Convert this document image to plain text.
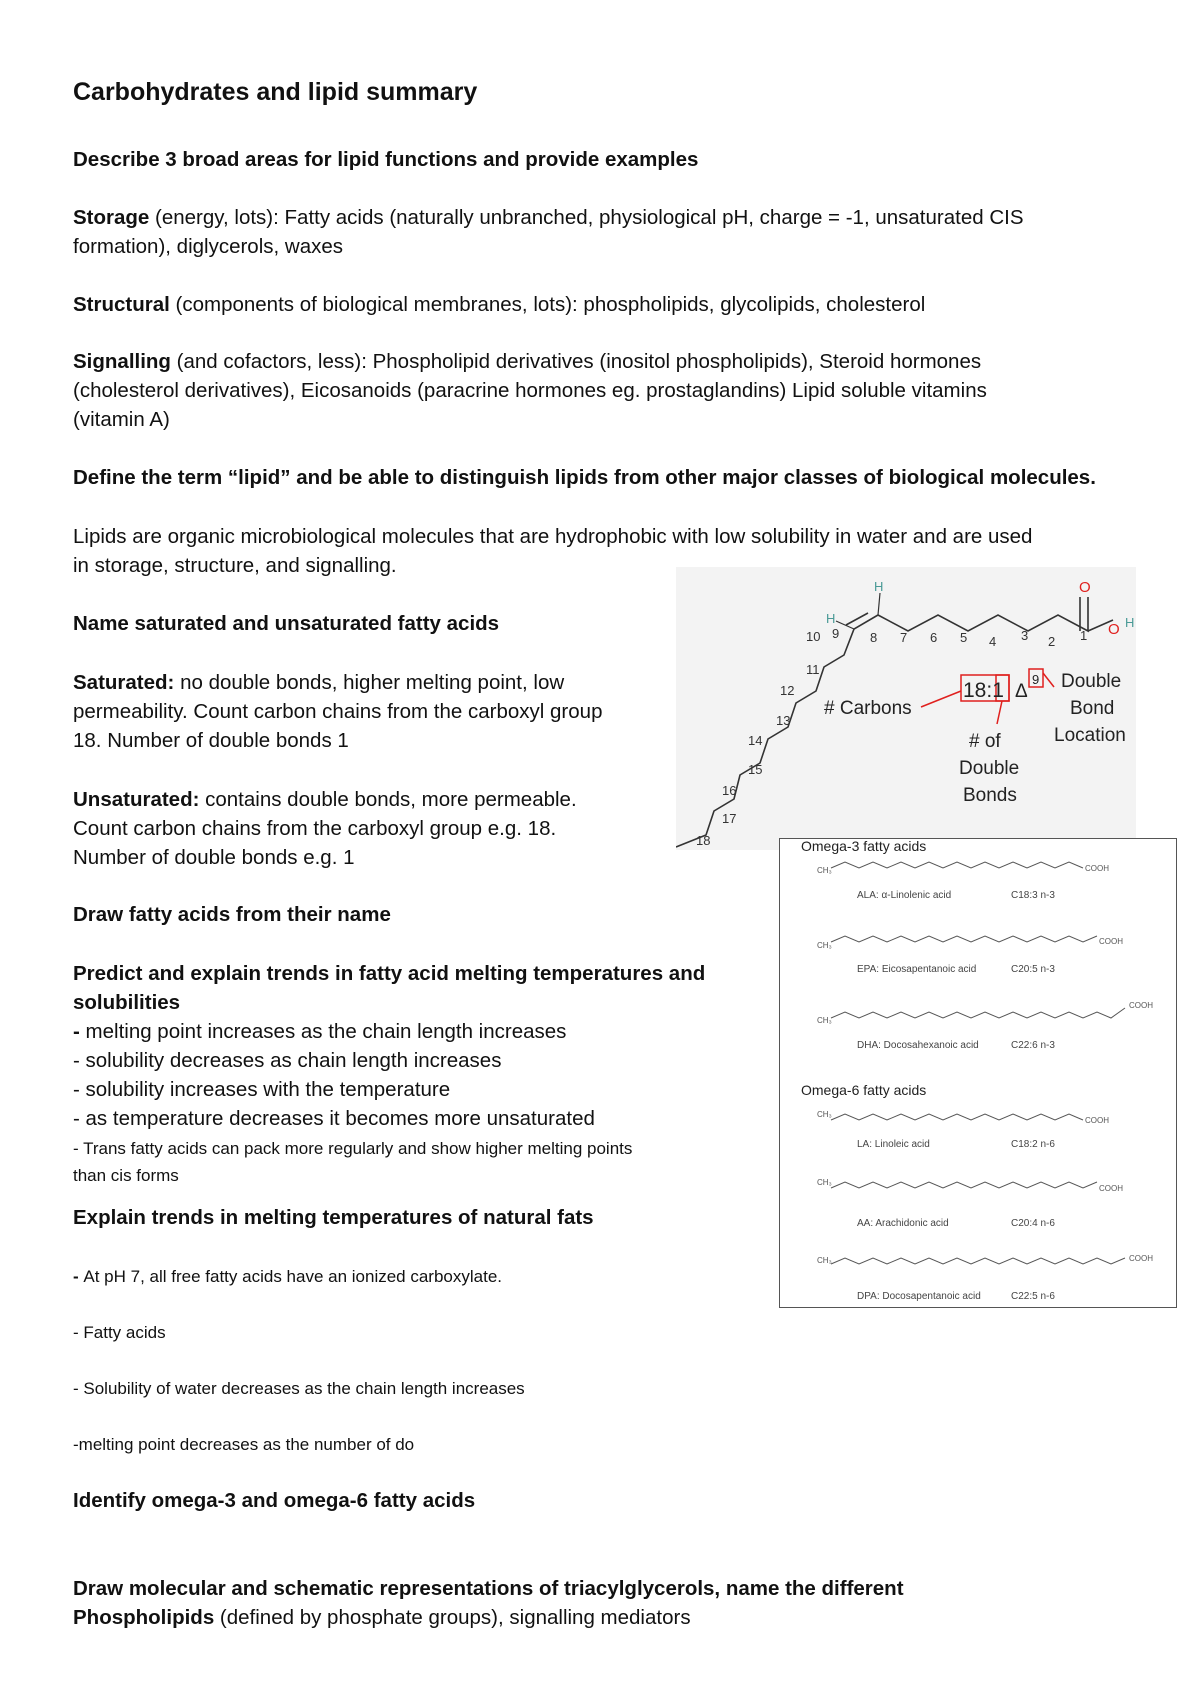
Carbohydrates and lipid summary
Describe 3 broad areas for lipid functions and provide examples
Storage (energy, lots): Fatty acids (naturally unbranched, physiological pH, charge = -1, unsaturated CIS
formation), diglycerols, waxes
Structural (components of biological membranes, lots): phospholipids, glycolipids, cholesterol
Signalling (and cofactors, less): Phospholipid derivatives (inositol phospholipids), Steroid hormones
(cholesterol derivatives), Eicosanoids (paracrine hormones eg. prostaglandins) Lipid soluble vitamins
(vitamin A)
Define the term “lipid” and be able to distinguish lipids from other major classes of biological molecules.
Lipids are organic microbiological molecules that are hydrophobic with low solubility in water and are used
in storage, structure, and signalling.
Name saturated and unsaturated fatty acids
Saturated: no double bonds, higher melting point, low
permeability. Count carbon chains from the carboxyl group
18. Number of double bonds 1
Unsaturated: contains double bonds, more permeable.
Count carbon chains from the carboxyl group e.g. 18.
Number of double bonds e.g. 1
Draw fatty acids from their name
Predict and explain trends in fatty acid melting temperatures and
solubilities
- melting point increases as the chain length increases
- solubility decreases as chain length increases
- solubility increases with the temperature
- as temperature decreases it becomes more unsaturated
- Trans fatty acids can pack more regularly and show higher melting points
than cis forms
Explain trends in melting temperatures of natural fats
- At pH 7, all free fatty acids have an ionized carboxylate.
- Fatty acids
- Solubility of water decreases as the chain length increases
-melting point decreases as the number of do
Identify omega-3 and omega-6 fatty acids
Draw molecular and schematic representations of triacylglycerols, name the different
Phospholipids (defined by phosphate groups), signalling mediators
O
O H
H
H
1
2
3
4
5
6
7
8
9
10
11
12
13
14
15
16
17
18
18:1 Δ
9
# Carbons
# of
Double
Bonds
Double
Bond
Location
Omega-3 fatty acids
Omega-6 fatty acids
CH₃	COOH
ALA: α-Linolenic acid	C18:3 n-3
CH₃	COOH
EPA: Eicosapentanoic acid	C20:5 n-3
CH₃
COOH
DHA: Docosahexanoic acid	C22:6 n-3
CH₃
COOH
LA: Linoleic acid	C18:2 n-6
CH₃
COOH
AA: Arachidonic acid	C20:4 n-6
CH₃	COOH
DPA: Docosapentanoic acid	C22:5 n-6
